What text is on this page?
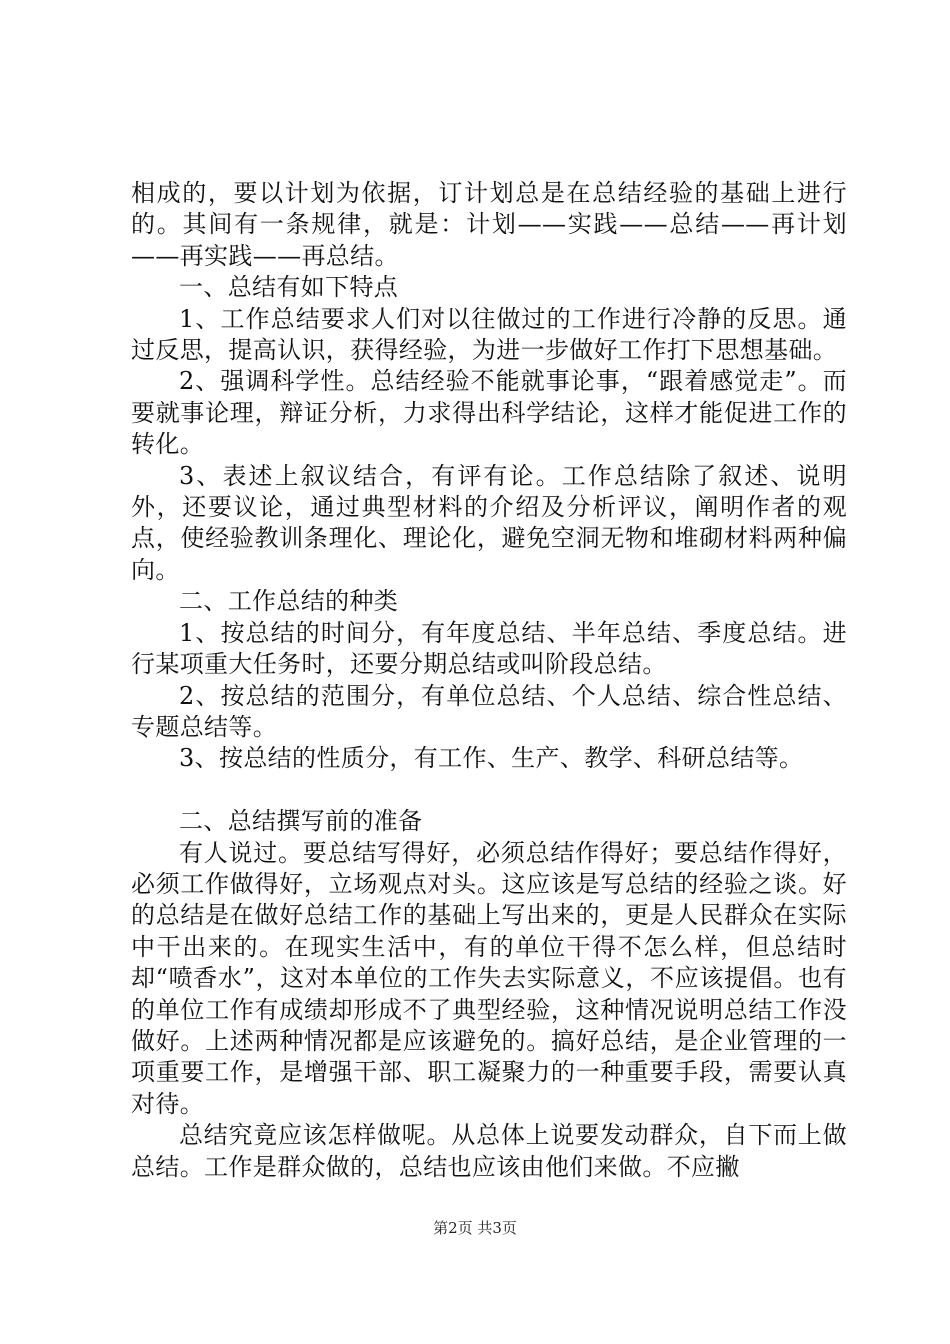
相成的，要以计划为依据，订计划总是在总结经验的基础上进行的。其间有一条规律，就是：计划——实践——总结——再计划——再实践——再总结。

一、总结有如下特点

1、工作总结要求人们对以往做过的工作进行冷静的反思。通过反思，提高认识，获得经验，为进一步做好工作打下思想基础。

2、强调科学性。总结经验不能就事论事，“跟着感觉走”。而要就事论理，辩证分析，力求得出科学结论，这样才能促进工作的转化。

3、表述上叙议结合，有评有论。工作总结除了叙述、说明外，还要议论，通过典型材料的介绍及分析评议，阐明作者的观点，使经验教训条理化、理论化，避免空洞无物和堆砌材料两种偏向。

二、工作总结的种类

1、按总结的时间分，有年度总结、半年总结、季度总结。进行某项重大任务时，还要分期总结或叫阶段总结。

2、按总结的范围分，有单位总结、个人总结、综合性总结、专题总结等。

3、按总结的性质分，有工作、生产、教学、科研总结等。

二、总结撰写前的准备

有人说过。要总结写得好，必须总结作得好；要总结作得好，必须工作做得好，立场观点对头。这应该是写总结的经验之谈。好的总结是在做好总结工作的基础上写出来的，更是人民群众在实际中干出来的。在现实生活中，有的单位干得不怎么样，但总结时却“喷香水”，这对本单位的工作失去实际意义，不应该提倡。也有的单位工作有成绩却形成不了典型经验，这种情况说明总结工作没做好。上述两种情况都是应该避免的。搞好总结，是企业管理的一项重要工作，是增强干部、职工凝聚力的一种重要手段，需要认真对待。

总结究竟应该怎样做呢。从总体上说要发动群众，自下而上做总结。工作是群众做的，总结也应该由他们来做。不应撇

第2页 共3页
